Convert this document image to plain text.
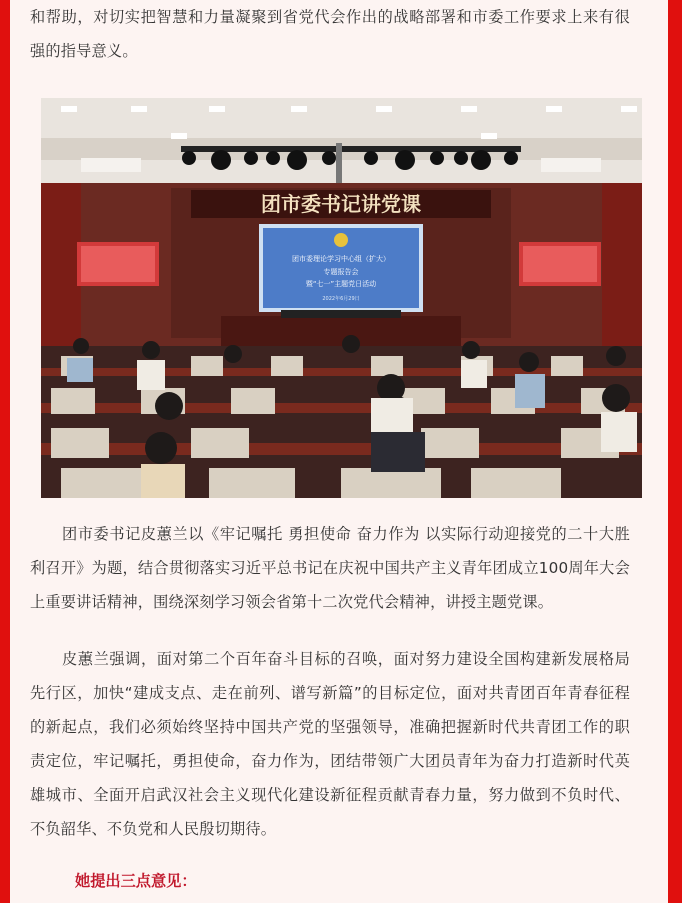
和帮助，对切实把智慧和力量凝聚到省党代会作出的战略部署和市委工作要求上来有很强的指导意义。
团市委书记讲党课
团市委理论学习中心组（扩大）
专题报告会
暨“七一”主题党日活动
2022年6月29日
团市委书记皮蕙兰以《牢记嘱托 勇担使命 奋力作为 以实际行动迎接党的二十大胜利召开》为题，结合贯彻落实习近平总书记在庆祝中国共产主义青年团成立100周年大会上重要讲话精神，围绕深刻学习领会省第十二次党代会精神，讲授主题党课。
皮蕙兰强调，面对第二个百年奋斗目标的召唤，面对努力建设全国构建新发展格局先行区，加快“建成支点、走在前列、谱写新篇”的目标定位，面对共青团百年青春征程的新起点，我们必须始终坚持中国共产党的坚强领导，准确把握新时代共青团工作的职责定位，牢记嘱托，勇担使命，奋力作为，团结带领广大团员青年为奋力打造新时代英雄城市、全面开启武汉社会主义现代化建设新征程贡献青春力量，努力做到不负时代、不负韶华、不负党和人民殷切期待。
她提出三点意见：
